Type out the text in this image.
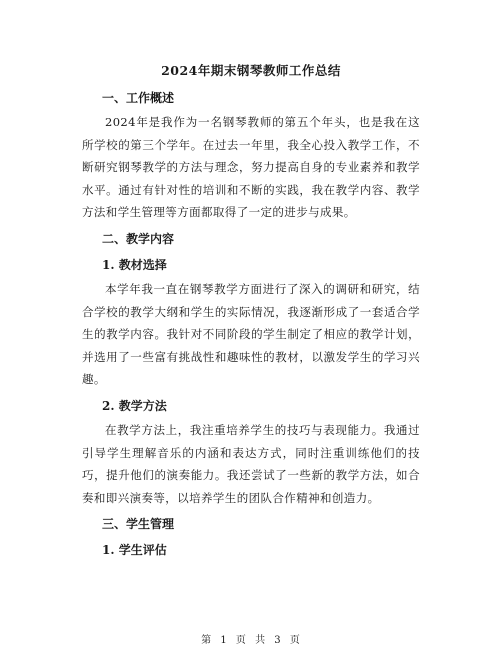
2024年期末钢琴教师工作总结
一、工作概述

2024年是我作为一名钢琴教师的第五个年头，也是我在这所学校的第三个学年。在过去一年里，我全心投入教学工作，不断研究钢琴教学的方法与理念，努力提高自身的专业素养和教学水平。通过有针对性的培训和不断的实践，我在教学内容、教学方法和学生管理等方面都取得了一定的进步与成果。

二、教学内容
1. 教材选择

本学年我一直在钢琴教学方面进行了深入的调研和研究，结合学校的教学大纲和学生的实际情况，我逐渐形成了一套适合学生的教学内容。我针对不同阶段的学生制定了相应的教学计划，并选用了一些富有挑战性和趣味性的教材，以激发学生的学习兴趣。

2. 教学方法

在教学方法上，我注重培养学生的技巧与表现能力。我通过引导学生理解音乐的内涵和表达方式，同时注重训练他们的技巧，提升他们的演奏能力。我还尝试了一些新的教学方法，如合奏和即兴演奏等，以培养学生的团队合作精神和创造力。

三、学生管理
1. 学生评估
第 1 页 共 3 页
